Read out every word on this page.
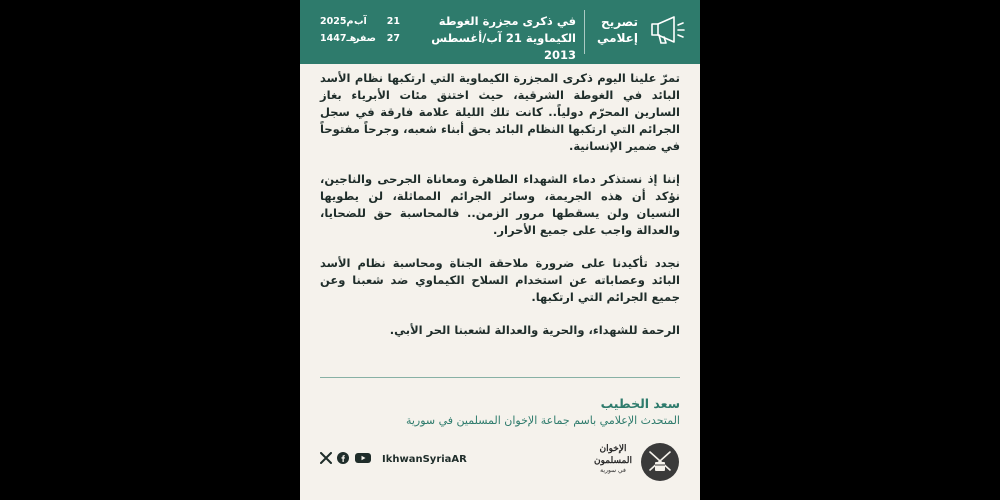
تصريح
إعلامي
في ذكرى مجزرة الغوطة
الكيماوية 21 آب/أغسطس 2013
21
آب
2025م
27
صفر
1447هـ

تمرّ علينا اليوم ذكرى المجزرة الكيماوية التي ارتكبها نظام الأسد البائد في الغوطة الشرقية، حيث اختنق مئات الأبرياء بغاز السارين المحرّم دولياً.. كانت تلك الليلة علامة فارقة في سجل الجرائم التي ارتكبها النظام البائد بحق أبناء شعبه، وجرحاً مفتوحاً في ضمير الإنسانية.

إننا إذ نستذكر دماء الشهداء الطاهرة ومعاناة الجرحى والناجين، نؤكد أن هذه الجريمة، وسائر الجرائم المماثلة، لن يطويها النسيان ولن يسقطها مرور الزمن.. فالمحاسبة حق للضحايا، والعدالة واجب على جميع الأحرار.

نجدد تأكيدنا على ضرورة ملاحقة الجناة ومحاسبة نظام الأسد البائد وعصاباته عن استخدام السلاح الكيماوي ضد شعبنا وعن جميع الجرائم التي ارتكبها.

الرحمة للشهداء، والحرية والعدالة لشعبنا الحر الأبي.

سعد الخطيب
المتحدث الإعلامي باسم جماعة الإخوان المسلمين في سورية
IkhwanSyriaAR
الإخوان المسلمون
في سورية
